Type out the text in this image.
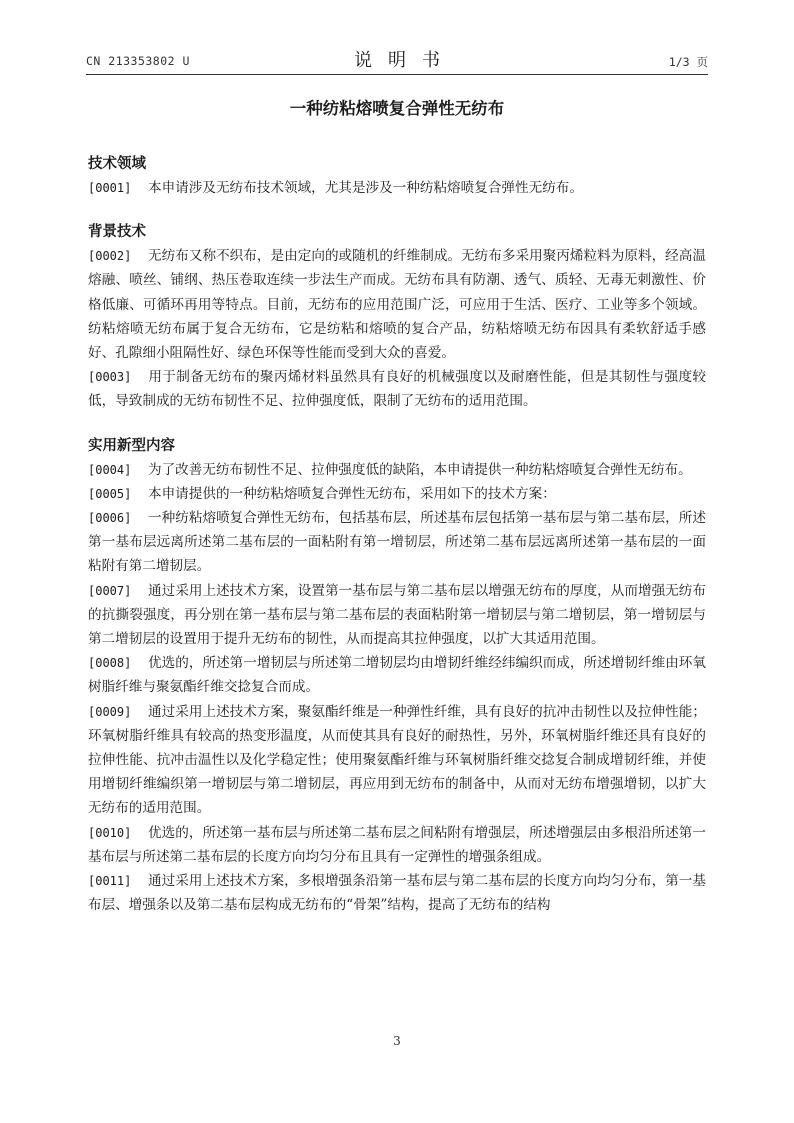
CN 213353802 U	说明书	1/3 页
一种纺粘熔喷复合弹性无纺布
技术领域

[0001] 本申请涉及无纺布技术领域，尤其是涉及一种纺粘熔喷复合弹性无纺布。

背景技术

[0002] 无纺布又称不织布，是由定向的或随机的纤维制成。无纺布多采用聚丙烯粒料为原料，经高温熔融、喷丝、铺纲、热压卷取连续一步法生产而成。无纺布具有防潮、透气、质轻、无毒无刺激性、价格低廉、可循环再用等特点。目前，无纺布的应用范围广泛，可应用于生活、医疗、工业等多个领域。纺粘熔喷无纺布属于复合无纺布，它是纺粘和熔喷的复合产品，纺粘熔喷无纺布因具有柔软舒适手感好、孔隙细小阻隔性好、绿色环保等性能而受到大众的喜爱。

[0003] 用于制备无纺布的聚丙烯材料虽然具有良好的机械强度以及耐磨性能，但是其韧性与强度较低，导致制成的无纺布韧性不足、拉伸强度低，限制了无纺布的适用范围。

实用新型内容

[0004] 为了改善无纺布韧性不足、拉伸强度低的缺陷，本申请提供一种纺粘熔喷复合弹性无纺布。

[0005] 本申请提供的一种纺粘熔喷复合弹性无纺布，采用如下的技术方案：

[0006] 一种纺粘熔喷复合弹性无纺布，包括基布层，所述基布层包括第一基布层与第二基布层，所述第一基布层远离所述第二基布层的一面粘附有第一增韧层，所述第二基布层远离所述第一基布层的一面粘附有第二增韧层。

[0007] 通过采用上述技术方案，设置第一基布层与第二基布层以增强无纺布的厚度，从而增强无纺布的抗撕裂强度，再分别在第一基布层与第二基布层的表面粘附第一增韧层与第二增韧层，第一增韧层与第二增韧层的设置用于提升无纺布的韧性，从而提高其拉伸强度，以扩大其适用范围。

[0008] 优选的，所述第一增韧层与所述第二增韧层均由增韧纤维经纬编织而成，所述增韧纤维由环氧树脂纤维与聚氨酯纤维交捻复合而成。

[0009] 通过采用上述技术方案，聚氨酯纤维是一种弹性纤维，具有良好的抗冲击韧性以及拉伸性能；环氧树脂纤维具有较高的热变形温度，从而使其具有良好的耐热性，另外，环氧树脂纤维还具有良好的拉伸性能、抗冲击温性以及化学稳定性；使用聚氨酯纤维与环氧树脂纤维交捻复合制成增韧纤维，并使用增韧纤维编织第一增韧层与第二增韧层，再应用到无纺布的制备中，从而对无纺布增强增韧，以扩大无纺布的适用范围。

[0010] 优选的，所述第一基布层与所述第二基布层之间粘附有增强层，所述增强层由多根沿所述第一基布层与所述第二基布层的长度方向均匀分布且具有一定弹性的增强条组成。

[0011] 通过采用上述技术方案，多根增强条沿第一基布层与第二基布层的长度方向均匀分布，第一基布层、增强条以及第二基布层构成无纺布的“骨架”结构，提高了无纺布的结构

3
